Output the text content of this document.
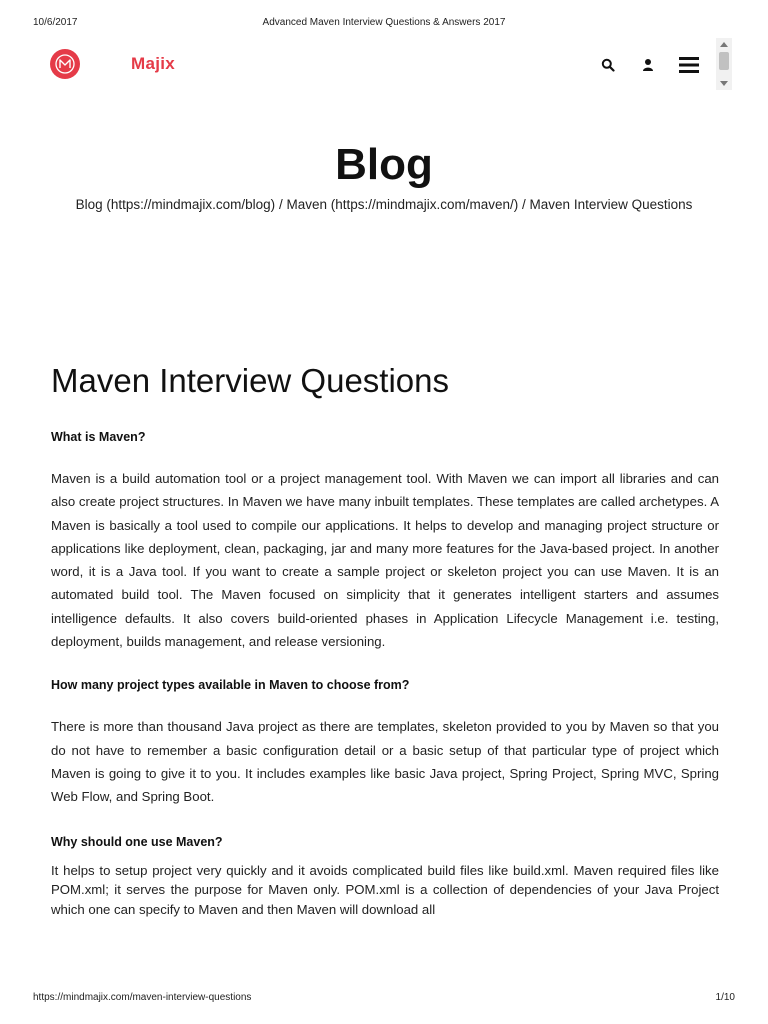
10/6/2017	Advanced Maven Interview Questions & Answers 2017
Majix
Blog
Blog (https://mindmajix.com/blog) / Maven (https://mindmajix.com/maven/) / Maven Interview Questions
Maven Interview Questions
What is Maven?

Maven is a build automation tool or a project management tool. With Maven we can import all libraries and can also create project structures. In Maven we have many inbuilt templates. These templates are called archetypes. A Maven is basically a tool used to compile our applications. It helps to develop and managing project structure or applications like deployment, clean, packaging, jar and many more features for the Java-based project. In another word, it is a Java tool. If you want to create a sample project or skeleton project you can use Maven. It is an automated build tool. The Maven focused on simplicity that it generates intelligent starters and assumes intelligence defaults. It also covers build-oriented phases in Application Lifecycle Management i.e. testing, deployment, builds management, and release versioning.

How many project types available in Maven to choose from?

There is more than thousand Java project as there are templates, skeleton provided to you by Maven so that you do not have to remember a basic configuration detail or a basic setup of that particular type of project which Maven is going to give it to you. It includes examples like basic Java project, Spring Project, Spring MVC, Spring Web Flow, and Spring Boot.

Why should one use Maven?

It helps to setup project very quickly and it avoids complicated build files like build.xml. Maven required files like POM.xml; it serves the purpose for Maven only. POM.xml is a collection of dependencies of your Java Project which one can specify to Maven and then Maven will download all

https://mindmajix.com/maven-interview-questions	1/10
